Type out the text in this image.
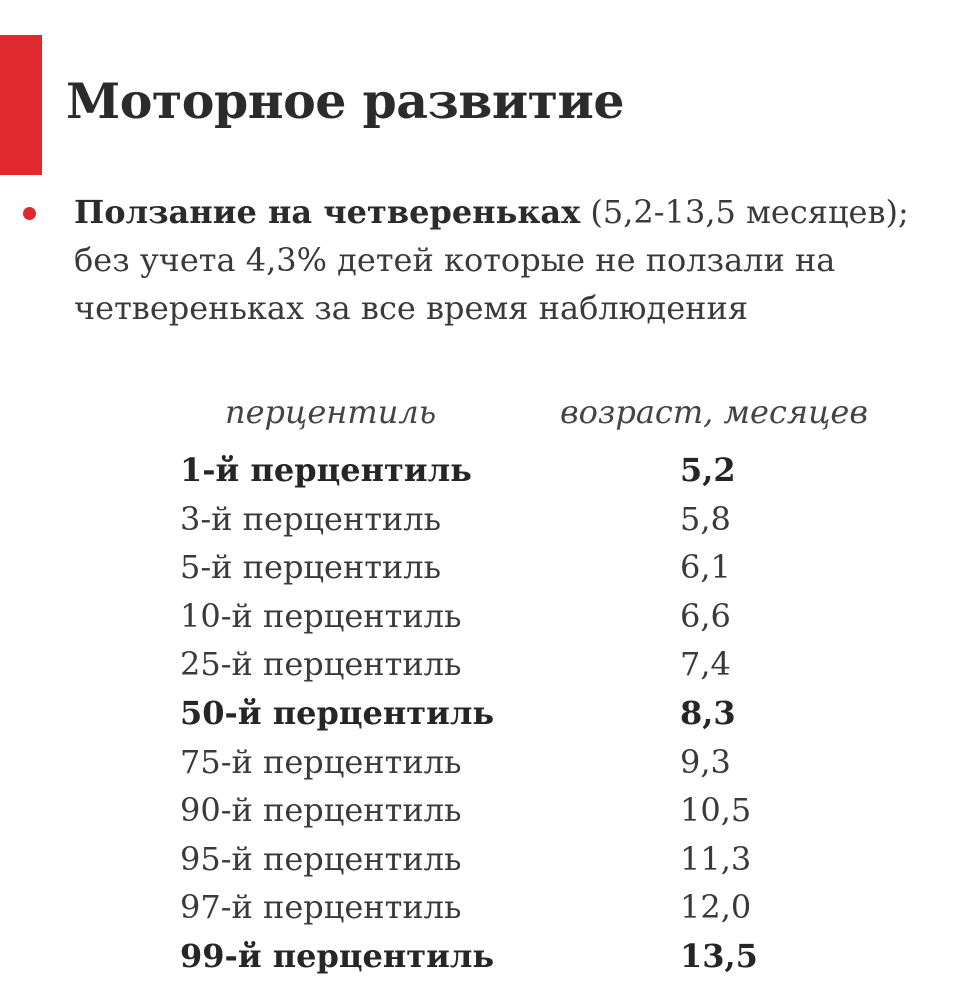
Моторное развитие
Ползание на четвереньках (5,2-13,5 месяцев); без учета 4,3% детей которые не ползали на четвереньках за все время наблюдения
перцентиль	возраст, месяцев
1-й перцентиль	5,2
3-й перцентиль	5,8
5-й перцентиль	6,1
10-й перцентиль	6,6
25-й перцентиль	7,4
50-й перцентиль	8,3
75-й перцентиль	9,3
90-й перцентиль	10,5
95-й перцентиль	11,3
97-й перцентиль	12,0
99-й перцентиль	13,5
